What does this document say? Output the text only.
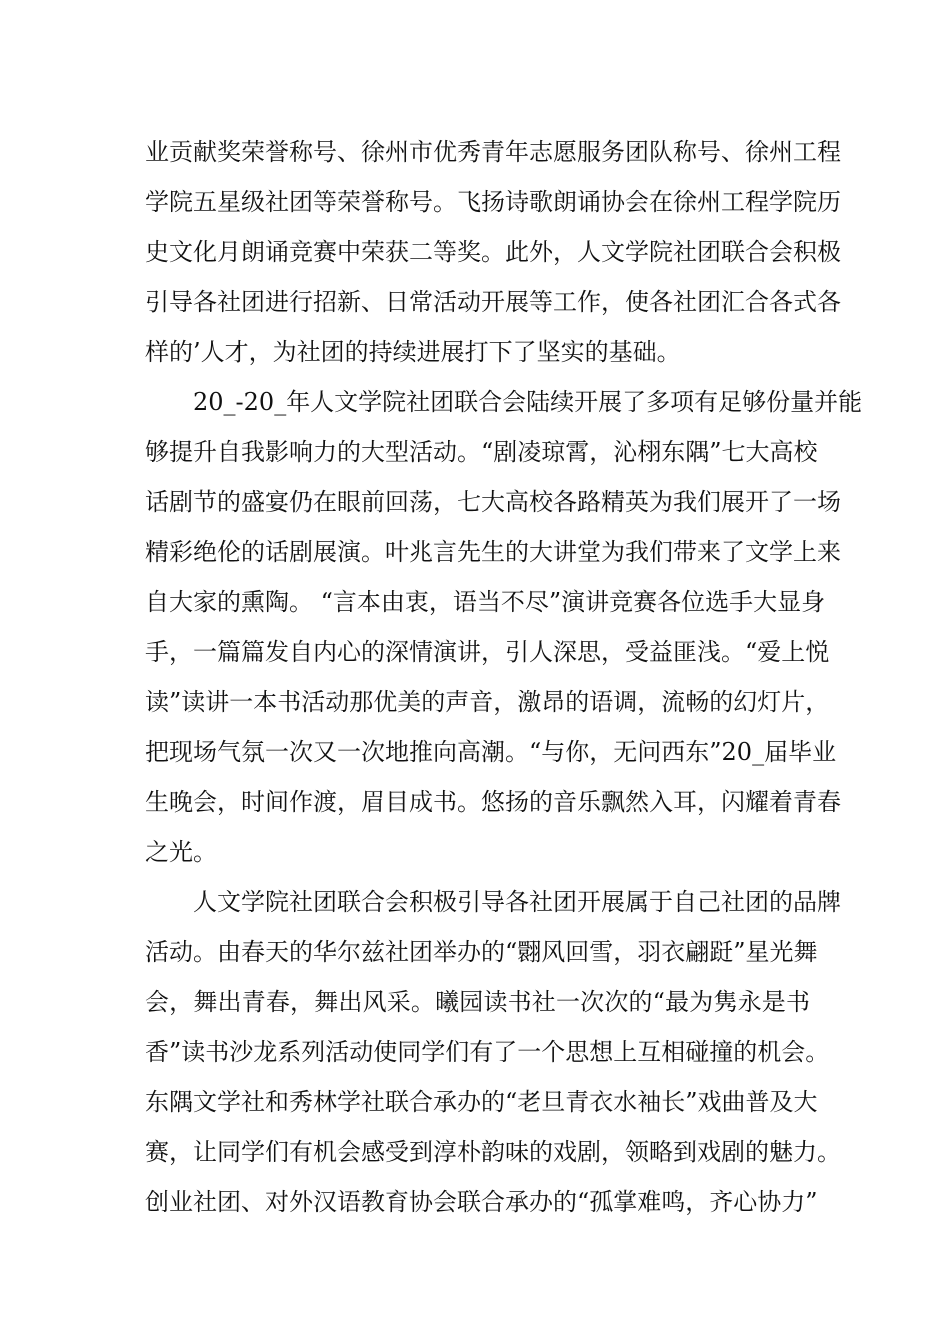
业贡献奖荣誉称号、徐州市优秀青年志愿服务团队称号、徐州工程
学院五星级社团等荣誉称号。飞扬诗歌朗诵协会在徐州工程学院历
史文化月朗诵竞赛中荣获二等奖。此外，人文学院社团联合会积极
引导各社团进行招新、日常活动开展等工作，使各社团汇合各式各
样的’人才，为社团的持续进展打下了坚实的基础。
20_-20_年人文学院社团联合会陆续开展了多项有足够份量并能
够提升自我影响力的大型活动。“剧凌琼霄，沁栩东隅”七大高校
话剧节的盛宴仍在眼前回荡，七大高校各路精英为我们展开了一场
精彩绝伦的话剧展演。叶兆言先生的大讲堂为我们带来了文学上来
自大家的熏陶。 “言本由衷，语当不尽”演讲竞赛各位选手大显身
手，一篇篇发自内心的深情演讲，引人深思，受益匪浅。“爱上悦
读”读讲一本书活动那优美的声音，激昂的语调，流畅的幻灯片，
把现场气氛一次又一次地推向高潮。“与你，无问西东”20_届毕业
生晚会，时间作渡，眉目成书。悠扬的音乐飘然入耳，闪耀着青春
之光。
人文学院社团联合会积极引导各社团开展属于自己社团的品牌
活动。由春天的华尔兹社团举办的“翾风回雪，羽衣翩跹”星光舞
会，舞出青春，舞出风采。曦园读书社一次次的“最为隽永是书
香”读书沙龙系列活动使同学们有了一个思想上互相碰撞的机会。
东隅文学社和秀林学社联合承办的“老旦青衣水袖长”戏曲普及大
赛，让同学们有机会感受到淳朴韵味的戏剧，领略到戏剧的魅力。
创业社团、对外汉语教育协会联合承办的“孤掌难鸣，齐心协力”
